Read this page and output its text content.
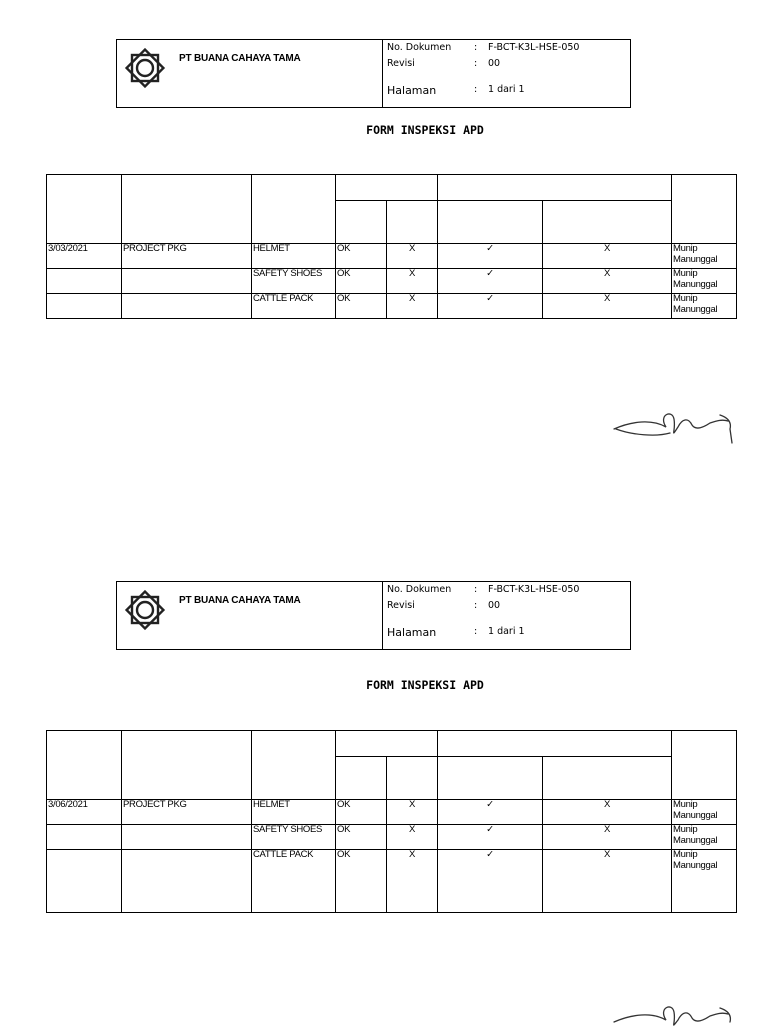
PT BUANA CAHAYA TAMA
No. Dokumen : F-BCT-K3L-HSE-050
Revisi	: 00
Halaman	: 1 dari 1
FORM INSPEKSI APD

3/03/2021	PROJECT PKG	HELMET	OK	X	✓	X	Munip Manunggal
		SAFETY SHOES	OK	X	✓	X	Munip Manunggal
		CATTLE PACK	OK	X	✓	X	Munip Manunggal
PT BUANA CAHAYA TAMA
No. Dokumen : F-BCT-K3L-HSE-050
Revisi	: 00
Halaman	: 1 dari 1
FORM INSPEKSI APD

3/06/2021	PROJECT PKG	HELMET	OK	X	✓	X	Munip Manunggal
		SAFETY SHOES	OK	X	✓	X	Munip Manunggal
		CATTLE PACK	OK	X	✓	X	Munip Manunggal
